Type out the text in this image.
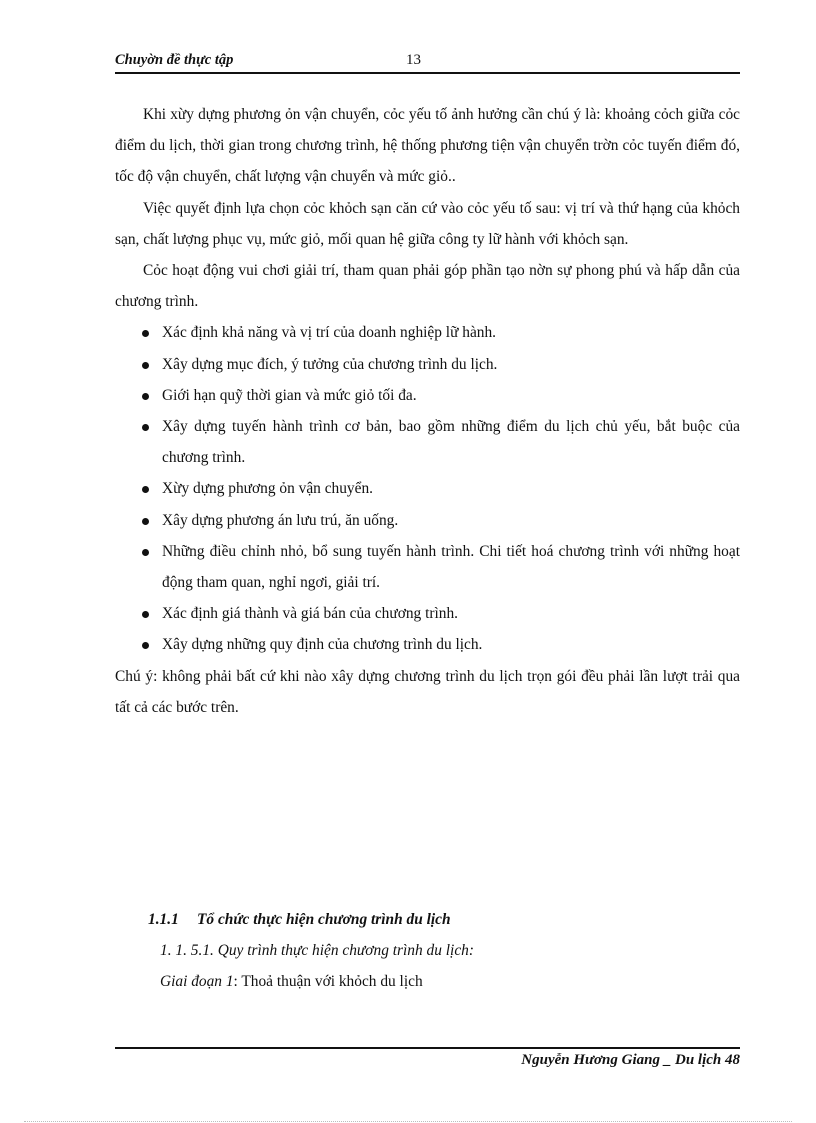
Chuyờn đề thực tập	13

Khi xừy dựng phương ỏn vận chuyển, cỏc yếu tố ảnh hưởng cần chú ý là: khoảng cỏch giữa cỏc điểm du lịch, thời gian trong chương trình, hệ thống phương tiện vận chuyển trờn cỏc tuyến điểm đó, tốc độ vận chuyển, chất lượng vận chuyển và mức giỏ..

Việc quyết định lựa chọn cỏc khỏch sạn căn cứ vào cỏc yếu tố sau: vị trí và thứ hạng của khỏch sạn, chất lượng phục vụ, mức giỏ, mối quan hệ giữa công ty lữ hành với khỏch sạn.

Cỏc hoạt động vui chơi giải trí, tham quan phải góp phần tạo nờn sự phong phú và hấp dẫn của chương trình.

Xác định khả năng và vị trí của doanh nghiệp lữ hành.
Xây dựng mục đích, ý tưởng của chương trình du lịch.
Giới hạn quỹ thời gian và mức giỏ tối đa.
Xây dựng tuyến hành trình cơ bản, bao gồm những điểm du lịch chủ yếu, bắt buộc của chương trình.
Xừy dựng phương ỏn vận chuyển.
Xây dựng phương án lưu trú, ăn uống.
Những điều chỉnh nhỏ, bổ sung tuyến hành trình. Chi tiết hoá chương trình với những hoạt động tham quan, nghỉ ngơi, giải trí.
Xác định giá thành và giá bán của chương trình.
Xây dựng những quy định của chương trình du lịch.

Chú ý: không phải bất cứ khi nào xây dựng chương trình du lịch trọn gói đều phải lần lượt trải qua tất cả các bước trên.

1.1.1 Tổ chức thực hiện chương trình du lịch
1. 1. 5.1. Quy trình thực hiện chương trình du lịch:
Giai đoạn 1: Thoả thuận với khỏch du lịch
Nguyễn Hương Giang _ Du lịch 48
